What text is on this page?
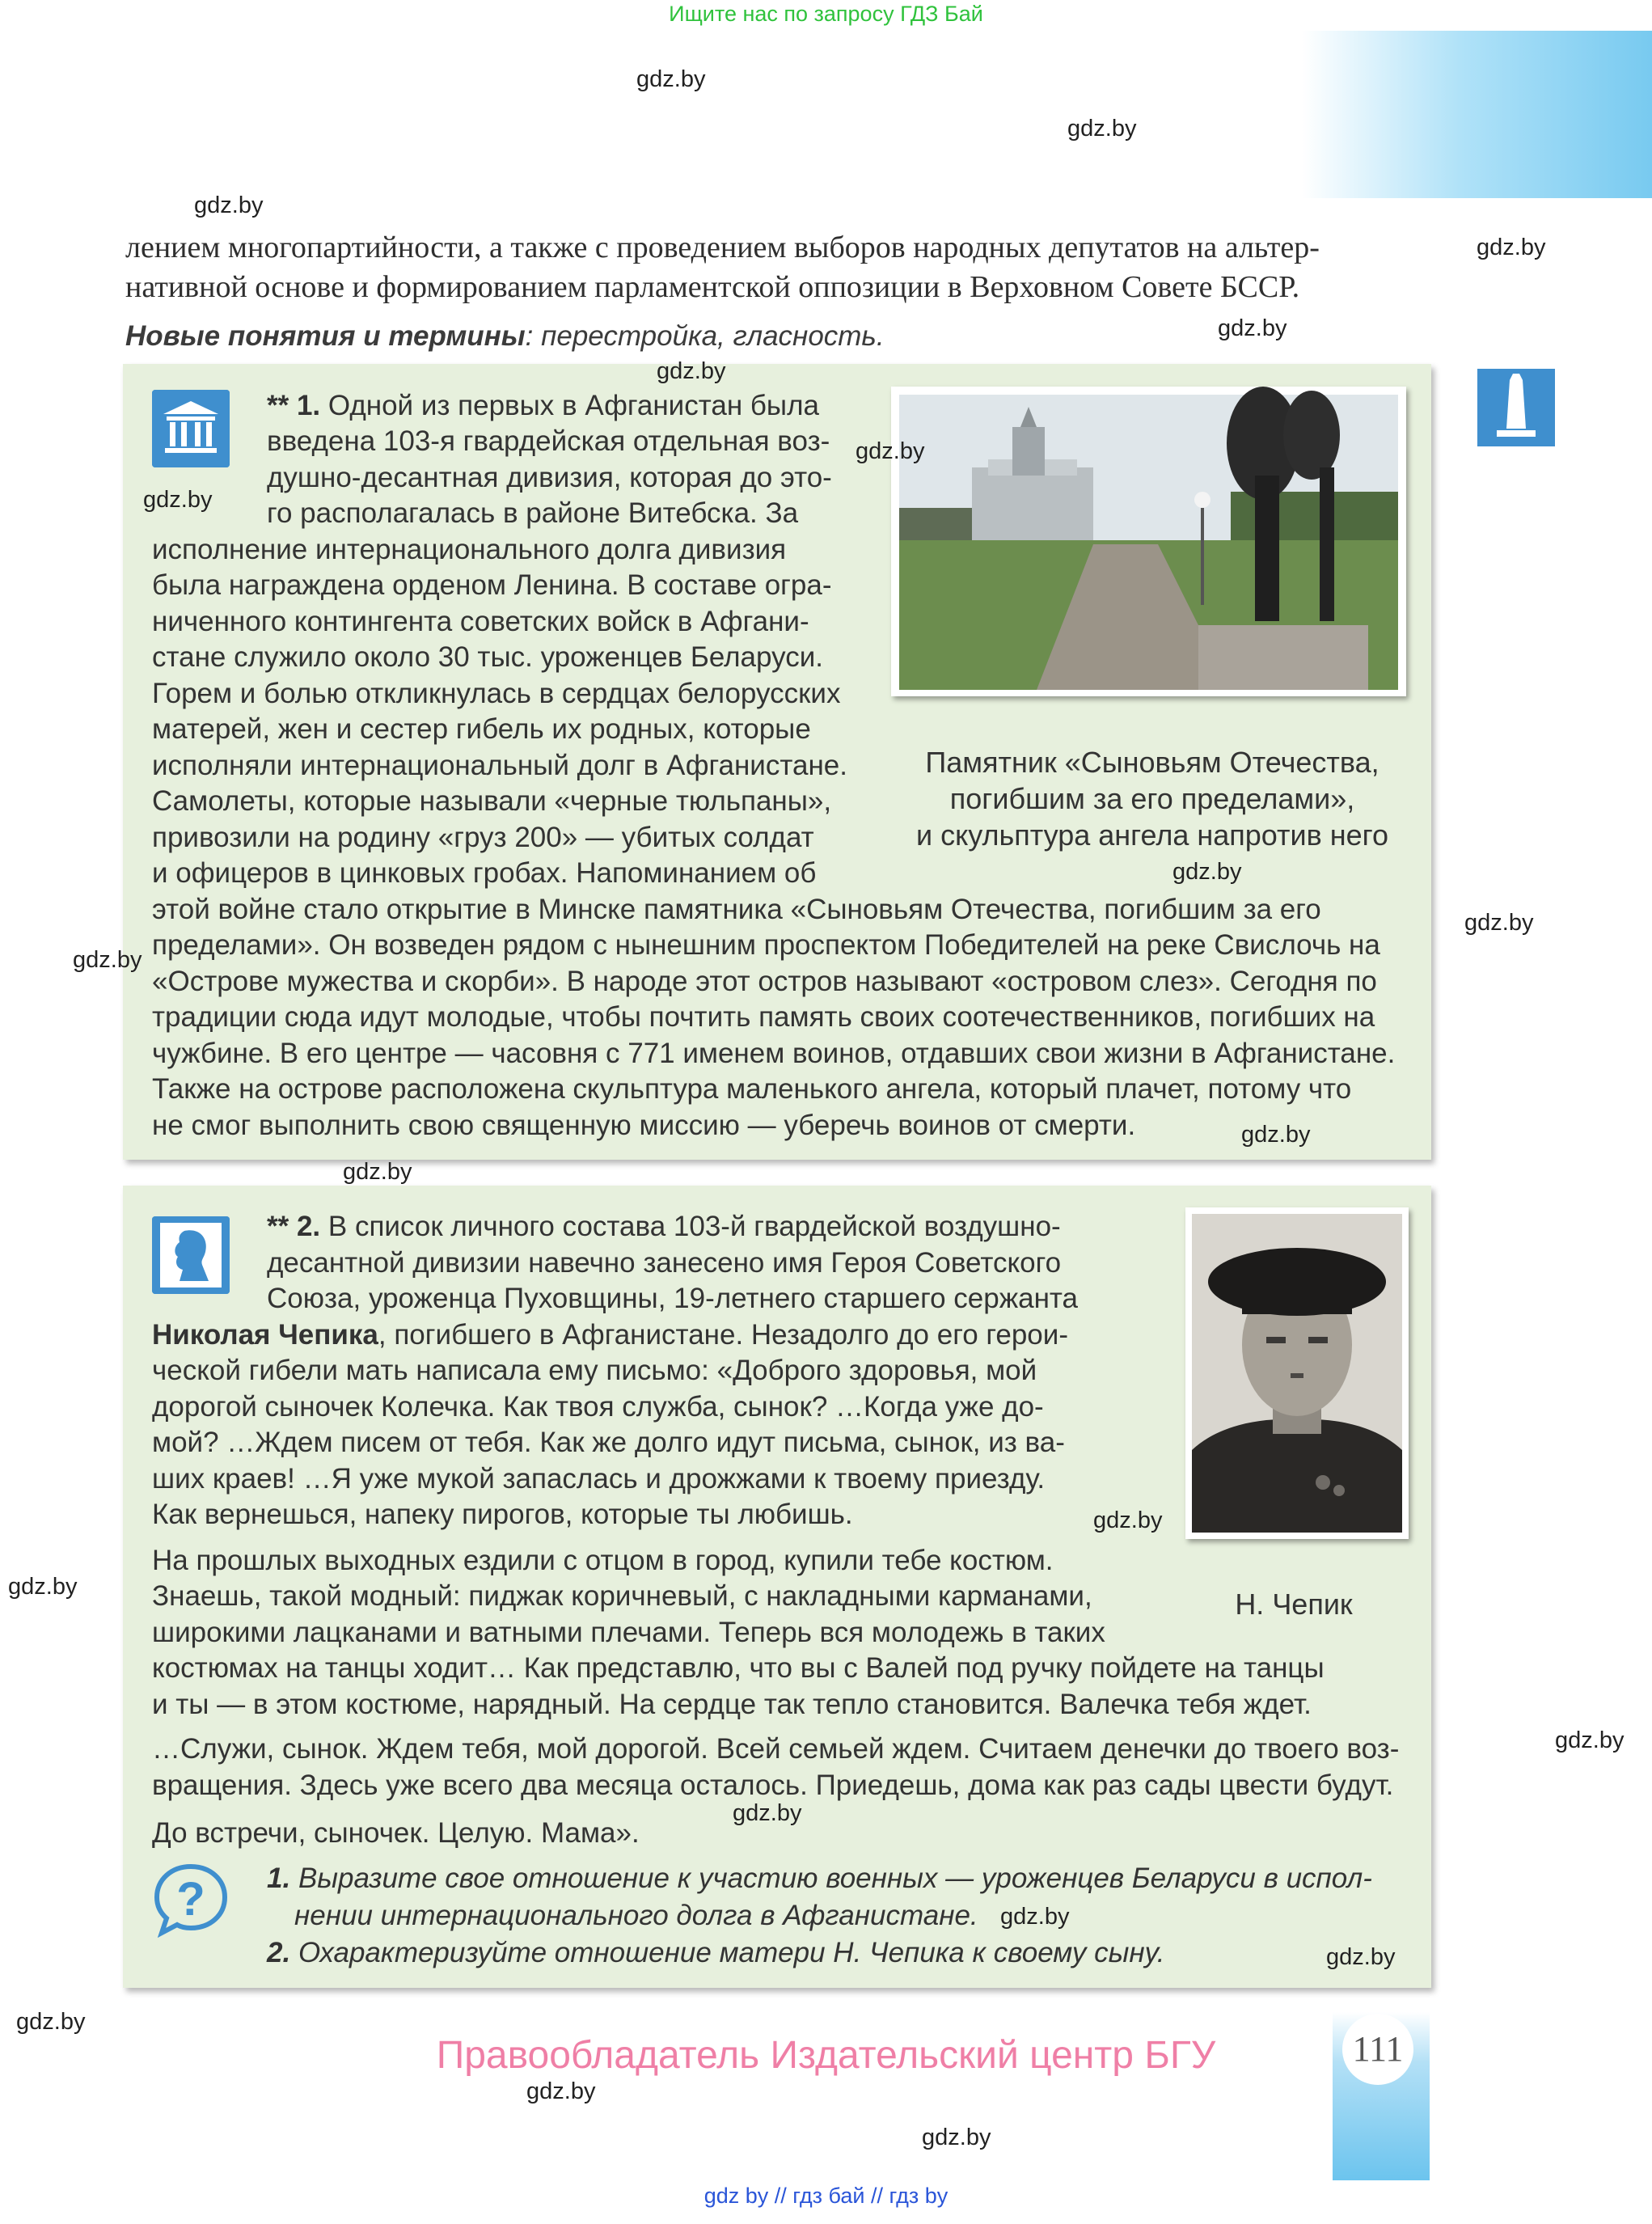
Ищите нас по запросу ГДЗ Бай
лением многопартийности, а также с проведением выборов народных депутатов на альтер-
нативной основе и формированием парламентской оппозиции в Верховном Совете БССР.
Новые понятия и термины: перестройка, гласность.
** 1. Одной из первых в Афганистан была
введена 103-я гвардейская отдельная воз-
душно-десантная дивизия, которая до это-
го располагалась в районе Витебска. За
исполнение интернационального долга дивизия
была награждена орденом Ленина. В составе огра-
ниченного контингента советских войск в Афгани-
стане служило около 30 тыс. уроженцев Беларуси.
Горем и болью откликнулась в сердцах белорусских
матерей, жен и сестер гибель их родных, которые
исполняли интернациональный долг в Афганистане.
Самолеты, которые называли «черные тюльпаны»,
привозили на родину «груз 200» — убитых солдат
и офицеров в цинковых гробах. Напоминанием об
этой войне стало открытие в Минске памятника «Сыновьям Отечества, погибшим за его
пределами». Он возведен рядом с нынешним проспектом Победителей на реке Свислочь на
«Острове мужества и скорби». В народе этот остров называют «островом слез». Сегодня по
традиции сюда идут молодые, чтобы почтить память своих соотечественников, погибших на
чужбине. В его центре — часовня с 771 именем воинов, отдавших свои жизни в Афганистане.
Также на острове расположена скульптура маленького ангела, который плачет, потому что
не смог выполнить свою священную миссию — уберечь воинов от смерти.
Памятник «Сыновьям Отечества,
погибшим за его пределами»,
и скульптура ангела напротив него
** 2. В список личного состава 103-й гвардейской воздушно-
десантной дивизии навечно занесено имя Героя Советского
Союза, уроженца Пуховщины, 19-летнего старшего сержанта
Николая Чепика, погибшего в Афганистане. Незадолго до его герои-
ческой гибели мать написала ему письмо: «Доброго здоровья, мой
дорогой сыночек Колечка. Как твоя служба, сынок? …Когда уже до-
мой? …Ждем писем от тебя. Как же долго идут письма, сынок, из ва-
ших краев! …Я уже мукой запаслась и дрожжами к твоему приезду.
Как вернешься, напеку пирогов, которые ты любишь.
На прошлых выходных ездили с отцом в город, купили тебе костюм.
Знаешь, такой модный: пиджак коричневый, с накладными карманами,
широкими лацканами и ватными плечами. Теперь вся молодежь в таких
костюмах на танцы ходит… Как представлю, что вы с Валей под ручку пойдете на танцы
и ты — в этом костюме, нарядный. На сердце так тепло становится. Валечка тебя ждет.
…Служи, сынок. Ждем тебя, мой дорогой. Всей семьей ждем. Считаем денечки до твоего воз-
вращения. Здесь уже всего два месяца осталось. Приедешь, дома как раз сады цвести будут.
До встречи, сыночек. Целую. Мама».
Н. Чепик
? 1. Выразите свое отношение к участию военных — уроженцев Беларуси в испол-

нении интернационального долга в Афганистане.

2. Охарактеризуйте отношение матери Н. Чепика к своему сыну.

111
Правообладатель Издательский центр БГУ
gdz by // гдз бай // гдз by
gdz.by
gdz.by
gdz.by
gdz.by
gdz.by
gdz.by
gdz.by
gdz.by
gdz.by
gdz.by
gdz.by
gdz.by
gdz.by
gdz.by
gdz.by
gdz.by
gdz.by
gdz.by
gdz.by
gdz.by
gdz.by
gdz.by
